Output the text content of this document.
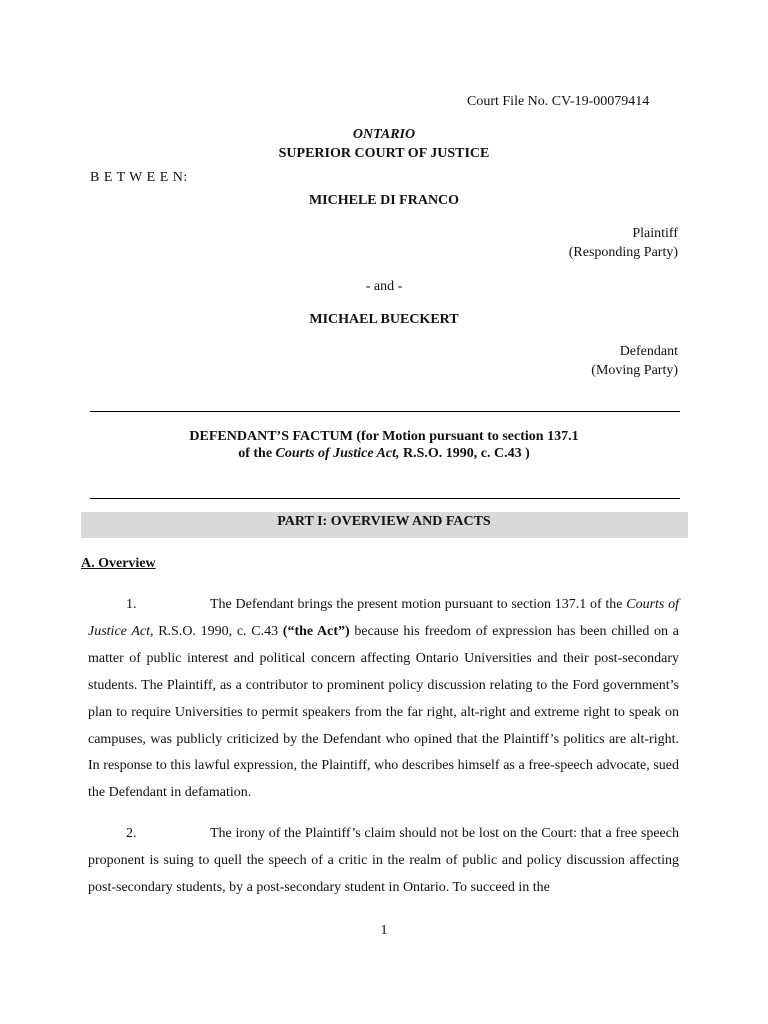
Court File No. CV-19-00079414
ONTARIO
SUPERIOR COURT OF JUSTICE
B E T W E E N:
MICHELE DI FRANCO
Plaintiff
(Responding Party)
- and -
MICHAEL BUECKERT
Defendant
(Moving Party)
DEFENDANT’S FACTUM (for Motion pursuant to section 137.1
of the Courts of Justice Act, R.S.O. 1990, c. C.43 )
PART I: OVERVIEW AND FACTS
A. Overview
1.	The Defendant brings the present motion pursuant to section 137.1 of the Courts of Justice Act, R.S.O. 1990, c. C.43 (“the Act”) because his freedom of expression has been chilled on a matter of public interest and political concern affecting Ontario Universities and their post-secondary students. The Plaintiff, as a contributor to prominent policy discussion relating to the Ford government’s plan to require Universities to permit speakers from the far right, alt-right and extreme right to speak on campuses, was publicly criticized by the Defendant who opined that the Plaintiff’s politics are alt-right. In response to this lawful expression, the Plaintiff, who describes himself as a free-speech advocate, sued the Defendant in defamation.
2.	The irony of the Plaintiff’s claim should not be lost on the Court: that a free speech proponent is suing to quell the speech of a critic in the realm of public and policy discussion affecting post-secondary students, by a post-secondary student in Ontario. To succeed in the
1
